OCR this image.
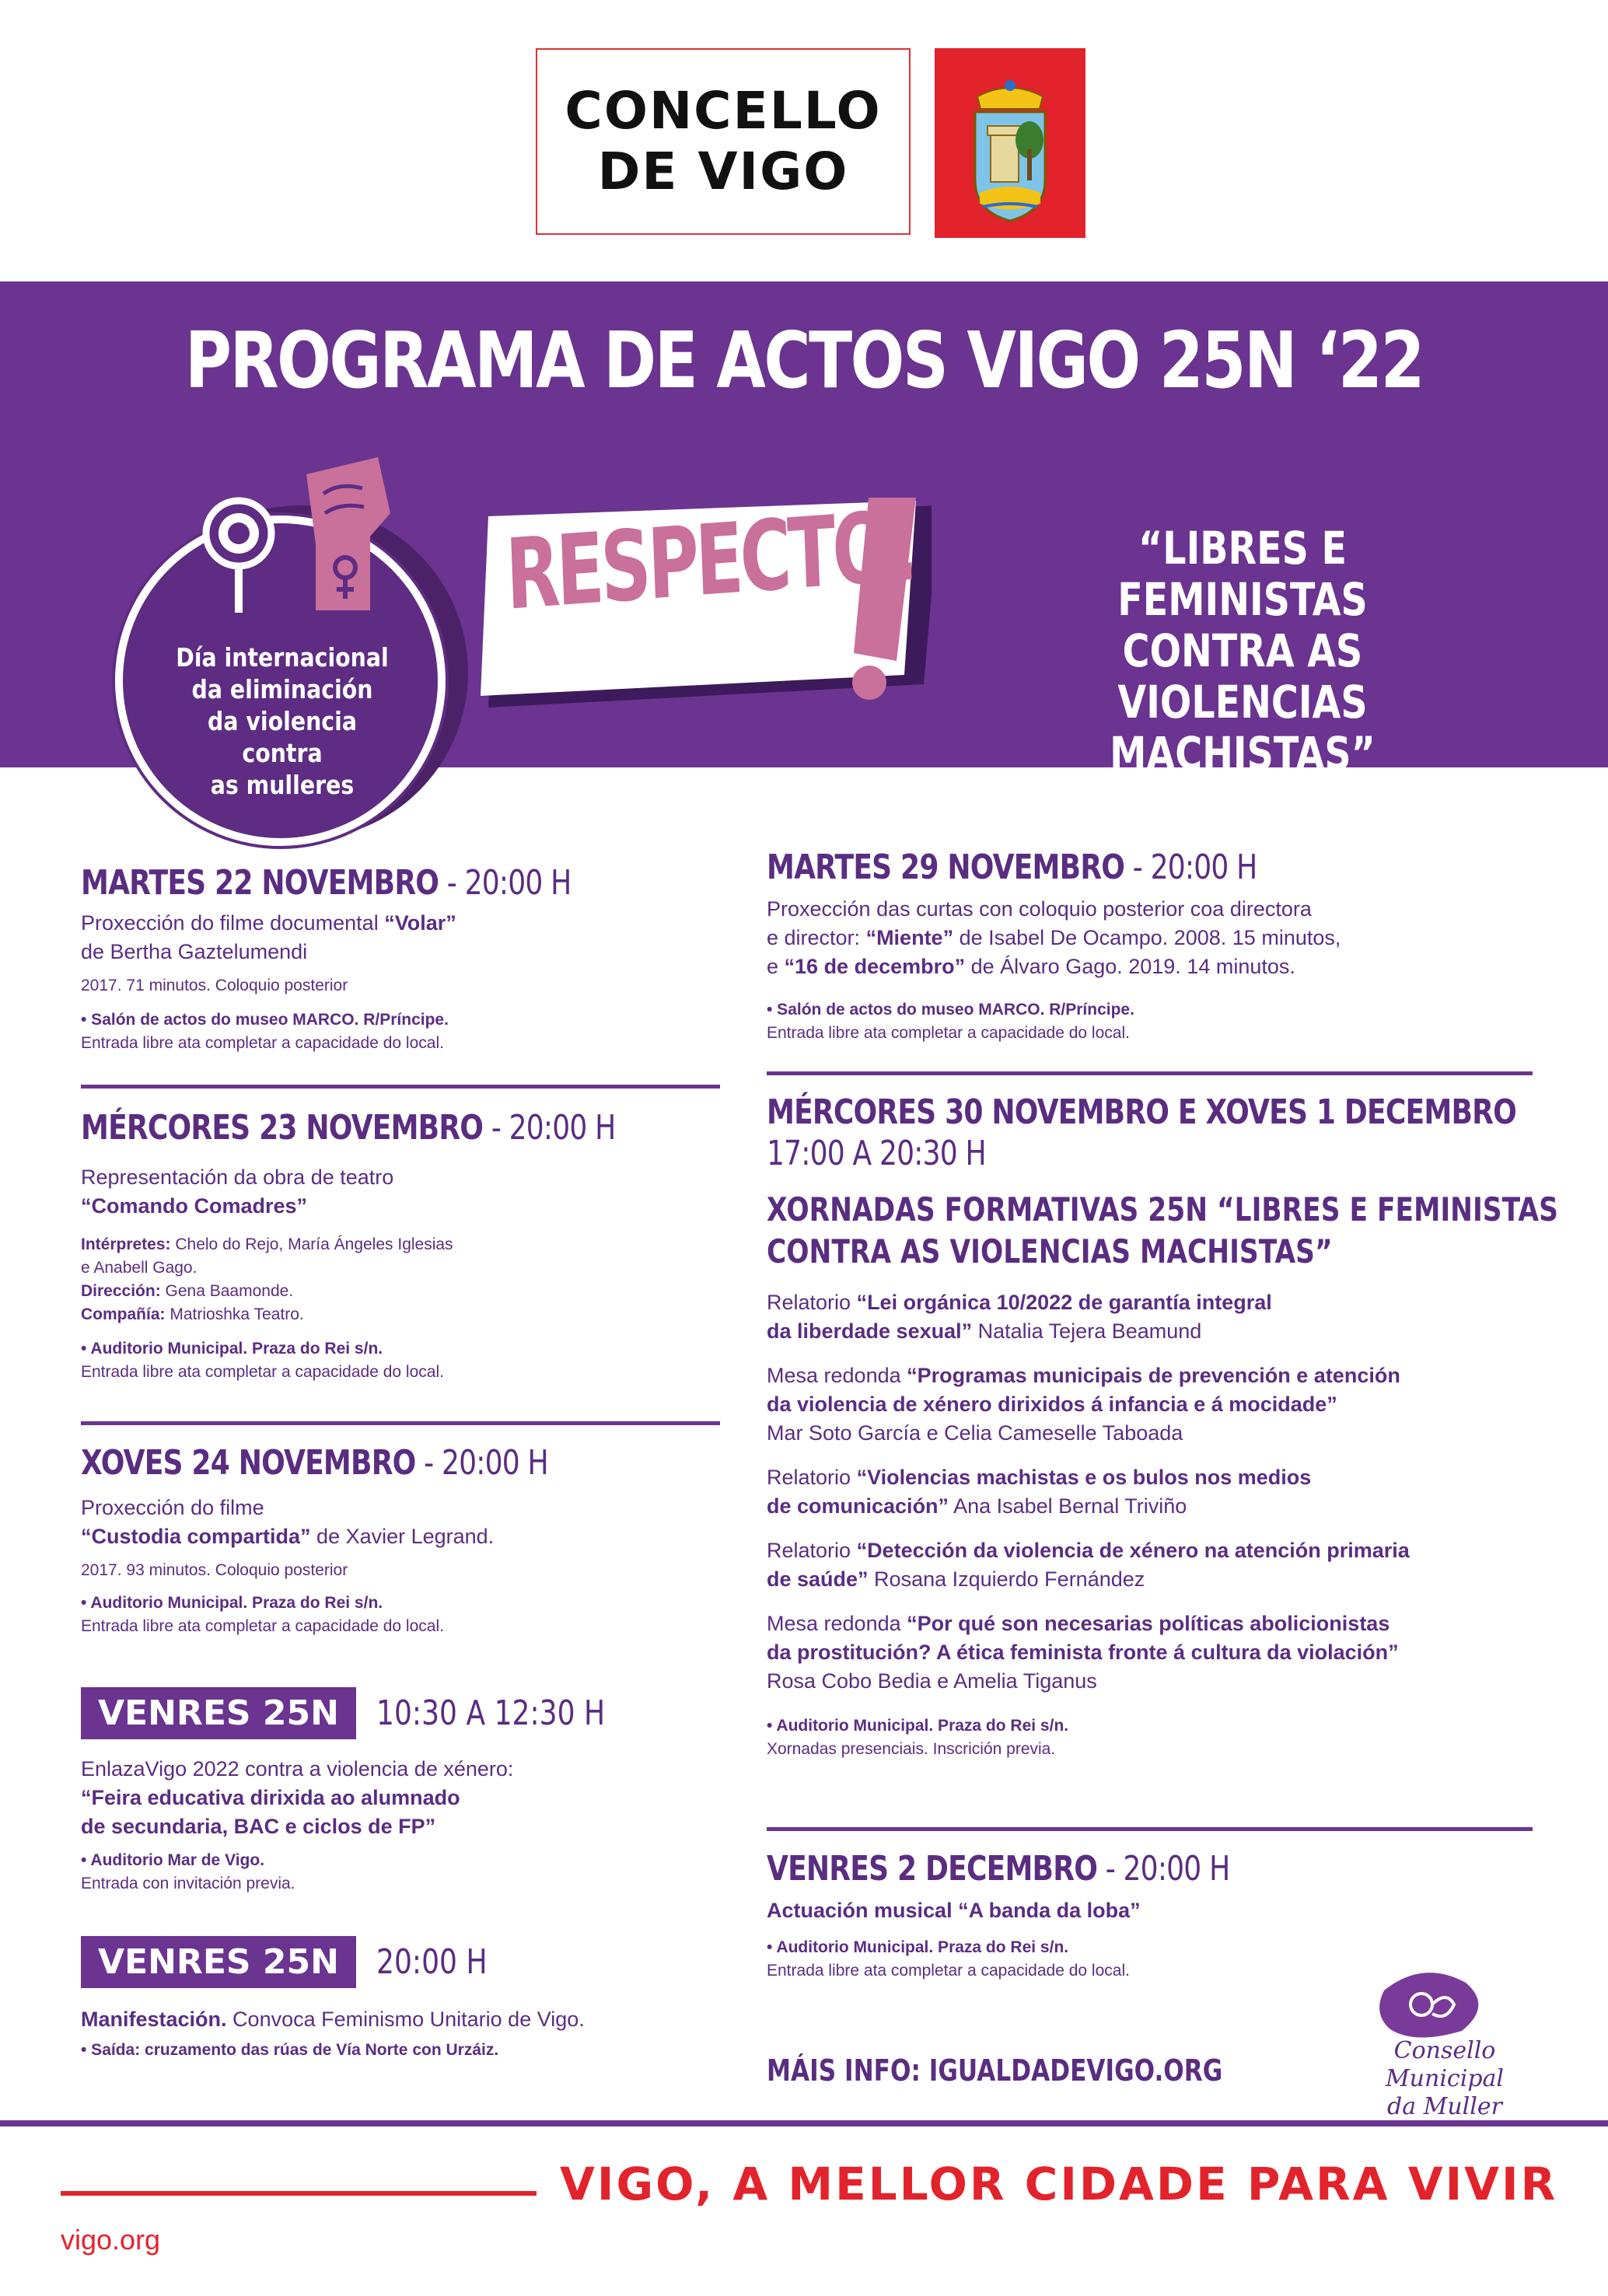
CONCELLO
DE VIGO
PROGRAMA DE ACTOS VIGO 25N ‘22
Día internacional
da eliminación
da violencia contra
as mulleres
RESPECTO!	“LIBRES E FEMINISTAS
CONTRA AS VIOLENCIAS
MACHISTAS”
MARTES 22 NOVEMBRO - 20:00 H
Proxección do filme documental “Volar”
de Bertha Gaztelumendi
2017. 71 minutos. Coloquio posterior
• Salón de actos do museo MARCO. R/Príncipe.
Entrada libre ata completar a capacidade do local.
MÉRCORES 23 NOVEMBRO - 20:00 H
Representación da obra de teatro
“Comando Comadres”
Intérpretes: Chelo do Rejo, María Ángeles Iglesias
e Anabell Gago.
Dirección: Gena Baamonde.
Compañía: Matrioshka Teatro.
• Auditorio Municipal. Praza do Rei s/n.
Entrada libre ata completar a capacidade do local.
XOVES 24 NOVEMBRO - 20:00 H
Proxección do filme
“Custodia compartida” de Xavier Legrand.
2017. 93 minutos. Coloquio posterior
• Auditorio Municipal. Praza do Rei s/n.
Entrada libre ata completar a capacidade do local.
VENRES 25N	10:30 A 12:30 H
EnlazaVigo 2022 contra a violencia de xénero:
“Feira educativa dirixida ao alumnado
de secundaria, BAC e ciclos de FP”
• Auditorio Mar de Vigo.
Entrada con invitación previa.
VENRES 25N	20:00 H
Manifestación. Convoca Feminismo Unitario de Vigo.
• Saída: cruzamento das rúas de Vía Norte con Urzáiz.
MARTES 29 NOVEMBRO - 20:00 H
Proxección das curtas con coloquio posterior coa directora
e director: “Miente” de Isabel De Ocampo. 2008. 15 minutos,
e “16 de decembro” de Álvaro Gago. 2019. 14 minutos.
• Salón de actos do museo MARCO. R/Príncipe.
Entrada libre ata completar a capacidade do local.
MÉRCORES 30 NOVEMBRO E XOVES 1 DECEMBRO
17:00 A 20:30 H
XORNADAS FORMATIVAS 25N “LIBRES E FEMINISTAS
CONTRA AS VIOLENCIAS MACHISTAS”
Relatorio “Lei orgánica 10/2022 de garantía integral
da liberdade sexual” Natalia Tejera Beamund
Mesa redonda “Programas municipais de prevención e atención
da violencia de xénero dirixidos á infancia e á mocidade”
Mar Soto García e Celia Cameselle Taboada
Relatorio “Violencias machistas e os bulos nos medios
de comunicación” Ana Isabel Bernal Triviño
Relatorio “Detección da violencia de xénero na atención primaria
de saúde” Rosana Izquierdo Fernández
Mesa redonda “Por qué son necesarias políticas abolicionistas
da prostitución? A ética feminista fronte á cultura da violación”
Rosa Cobo Bedia e Amelia Tiganus
• Auditorio Municipal. Praza do Rei s/n.
Xornadas presenciais. Inscrición previa.
VENRES 2 DECEMBRO - 20:00 H
Actuación musical “A banda da loba”
• Auditorio Municipal. Praza do Rei s/n.
Entrada libre ata completar a capacidade do local.
MÁIS INFO: IGUALDADEVIGO.ORG
Consello Municipal
da Muller
VIGO, A MELLOR CIDADE PARA VIVIR
vigo.org
